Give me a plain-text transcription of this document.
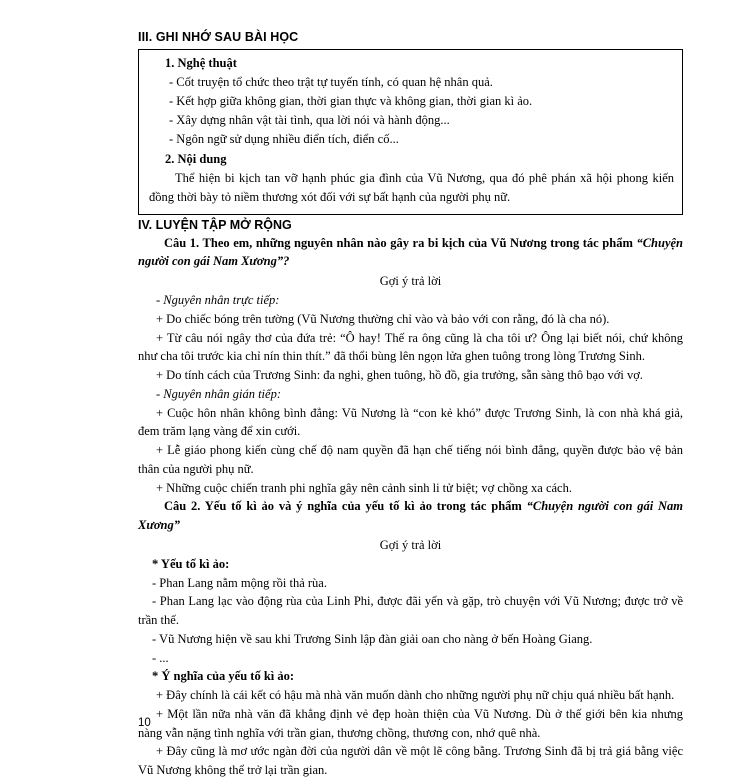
III. GHI NHỚ SAU BÀI HỌC
1. Nghệ thuật
- Cốt truyện tổ chức theo trật tự tuyến tính, có quan hệ nhân quả.
- Kết hợp giữa không gian, thời gian thực và không gian, thời gian kì ảo.
- Xây dựng nhân vật tài tình, qua lời nói và hành động...
- Ngôn ngữ sử dụng nhiều điển tích, điển cố...
2. Nội dung
Thể hiện bi kịch tan vỡ hạnh phúc gia đình của Vũ Nương, qua đó phê phán xã hội phong kiến đồng thời bày tỏ niềm thương xót đối với sự bất hạnh của người phụ nữ.
IV. LUYỆN TẬP MỞ RỘNG

Câu 1. Theo em, những nguyên nhân nào gây ra bi kịch của Vũ Nương trong tác phẩm “Chuyện người con gái Nam Xương”?

Gợi ý trả lời

- Nguyên nhân trực tiếp:

+ Do chiếc bóng trên tường (Vũ Nương thường chỉ vào và bảo với con rằng, đó là cha nó).

+ Từ câu nói ngây thơ của đứa trẻ: “Ô hay! Thế ra ông cũng là cha tôi ư? Ông lại biết nói, chứ không như cha tôi trước kia chỉ nín thin thít.” đã thổi bùng lên ngọn lửa ghen tuông trong lòng Trương Sinh.

+ Do tính cách của Trương Sinh: đa nghi, ghen tuông, hồ đồ, gia trưởng, sẵn sàng thô bạo với vợ.

- Nguyên nhân gián tiếp:

+ Cuộc hôn nhân không bình đẳng: Vũ Nương là “con kẻ khó” được Trương Sinh, là con nhà khá giả, đem trăm lạng vàng để xin cưới.

+ Lễ giáo phong kiến cùng chế độ nam quyền đã hạn chế tiếng nói bình đẳng, quyền được bảo vệ bản thân của người phụ nữ.

+ Những cuộc chiến tranh phi nghĩa gây nên cảnh sinh li tử biệt; vợ chồng xa cách.

Câu 2. Yếu tố kì ảo và ý nghĩa của yếu tố kì ảo trong tác phẩm “Chuyện người con gái Nam Xương”

Gợi ý trả lời

* Yếu tố kì ảo:

- Phan Lang nằm mộng rồi thả rùa.

- Phan Lang lạc vào động rùa của Linh Phi, được đãi yến và gặp, trò chuyện với Vũ Nương; được trở về trần thế.

- Vũ Nương hiện về sau khi Trương Sinh lập đàn giải oan cho nàng ở bến Hoàng Giang.

- ...

* Ý nghĩa của yếu tố kì ảo:

+ Đây chính là cái kết có hậu mà nhà văn muốn dành cho những người phụ nữ chịu quá nhiều bất hạnh.

+ Một lần nữa nhà văn đã khẳng định vẻ đẹp hoàn thiện của Vũ Nương. Dù ở thế giới bên kia nhưng nàng vẫn nặng tình nghĩa với trần gian, thương chồng, thương con, nhớ quê nhà.

+ Đây cũng là mơ ước ngàn đời của người dân về một lẽ công bằng. Trương Sinh đã bị trả giá bằng việc Vũ Nương không thể trở lại trần gian.

10
